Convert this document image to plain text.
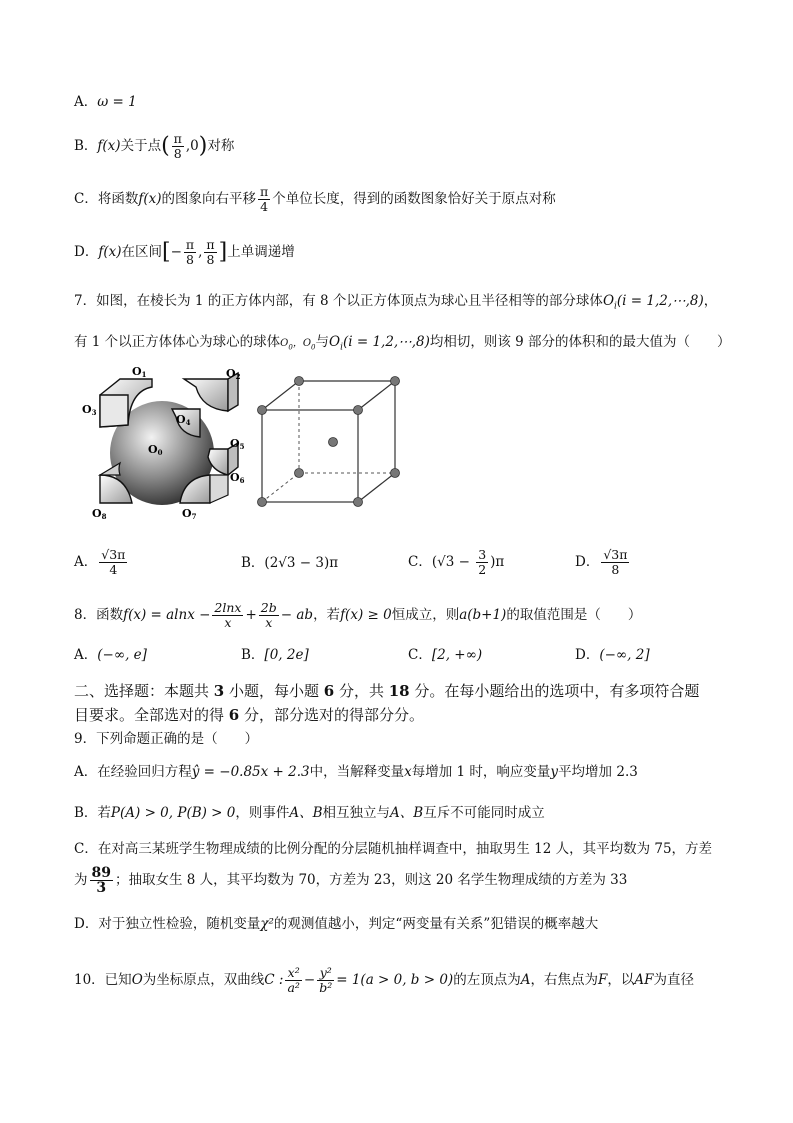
A．ω = 1
B．f(x)关于点( $\frac{\pi}{8} ,0$)对称
C．将函数f(x)的图象向右平移 $\frac{\pi}{4}$ 个单位长度，得到的函数图象恰好关于原点对称
D．f(x)在区间[− $\frac{\pi}{8}$ , $\frac{\pi}{8}$ ]上单调递增
7．如图，在棱长为 1 的正方体内部，有 8 个以正方体顶点为球心且半径相等的部分球体$O_i(i$ = 1,2,⋯,8)，
有 1 个以正方体体心为球心的球体$O_0$，$O_0$与$O_i(i$ = 1,2,⋯,8)均相切，则该 9 部分的体积和的最大值为（　　）
O1	O2
O3
O4
O0
O5
O6
O8	O7
A． $\frac{√3\pi}{4}$	B．(2√3 − 3)π	C．$(√3 - \frac{3}{2} )\pi$	D． $\frac{√3\pi}{8}$
8．函数$f(x) = alnx - \frac{2\ln x}{x} + \frac{2b}{x}$ − ab，若f(x) ≥ 0恒成立，则a(b+1)的取值范围是（　　）
A．(−∞, e]	B．[0, 2e]	C．[2, +∞)	D．(−∞, 2]
二、选择题：本题共 3 小题，每小题 6 分，共 18 分。在每小题给出的选项中，有多项符合题
目要求。全部选对的得 6 分，部分选对的得部分分。
9．下列命题正确的是（　　）
A．在经验回归方程ŷ = −0.85x + 2.3中，当解释变量x每增加 1 时，响应变量y平均增加 2.3
B．若P(A) > 0, P(B) > 0，则事件A、B相互独立与A、B互斥不可能同时成立
C．在对高三某班学生物理成绩的比例分配的分层随机抽样调查中，抽取男生 12 人，其平均数为 75，方差
为 $\frac{89}{3}$ ；抽取女生 8 人，其平均数为 70，方差为 23，则这 20 名学生物理成绩的方差为 33
D．对于独立性检验，随机变量χ²的观测值越小，判定“两变量有关系”犯错误的概率越大
10．已知O为坐标原点，双曲线C : $\frac{\text{x²}}{\text{a²}} - \frac{\text{y²}}{\text{b²}} = 1(a > 0$, b > 0)的左顶点为A，右焦点为F，以AF为直径
